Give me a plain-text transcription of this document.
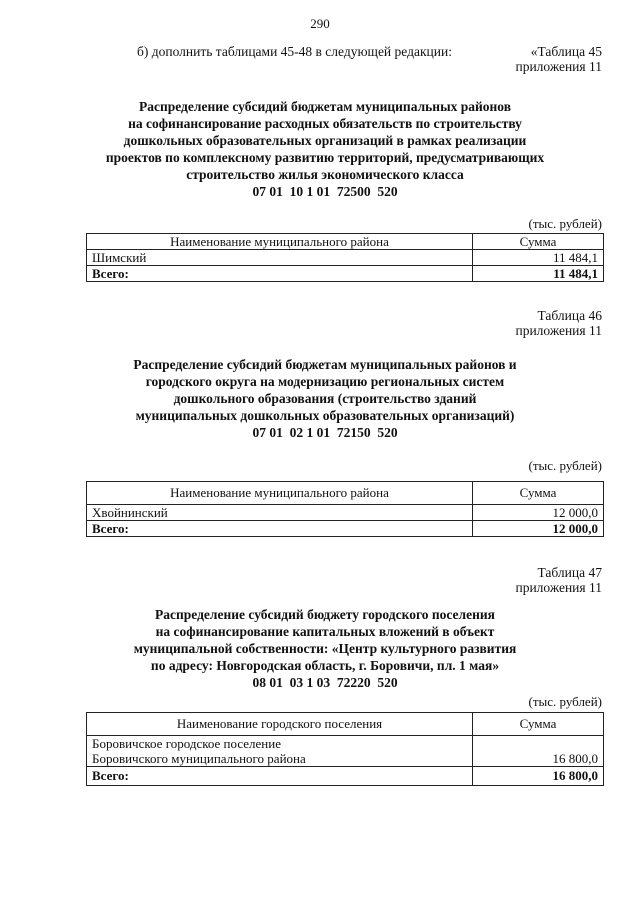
290
б) дополнить таблицами 45-48 в следующей редакции:	«Таблица 45
приложения 11
Распределение субсидий бюджетам муниципальных районов
на софинансирование расходных обязательств по строительству
дошкольных образовательных организаций в рамках реализации
проектов по комплексному развитию территорий, предусматривающих
строительство жилья экономического класса
07 01  10 1 01  72500  520
(тыс. рублей)
Наименование муниципального района	Сумма
Шимский	11 484,1
Всего:	11 484,1
Таблица 46
приложения 11
Распределение субсидий бюджетам муниципальных районов и
городского округа на модернизацию региональных систем
дошкольного образования (строительство зданий
муниципальных дошкольных образовательных организаций)
07 01  02 1 01  72150  520
(тыс. рублей)
Наименование муниципального района	Сумма
Хвойнинский	12 000,0
Всего:	12 000,0
Таблица 47
приложения 11
Распределение субсидий бюджету городского поселения
на софинансирование капитальных вложений в объект
муниципальной собственности: «Центр культурного развития
по адресу: Новгородская область, г. Боровичи, пл. 1 мая»
08 01  03 1 03  72220  520
(тыс. рублей)
Наименование городского поселения	Сумма

Боровичское городское поселение
Боровичского муниципального района	16 800,0
Всего:	16 800,0
